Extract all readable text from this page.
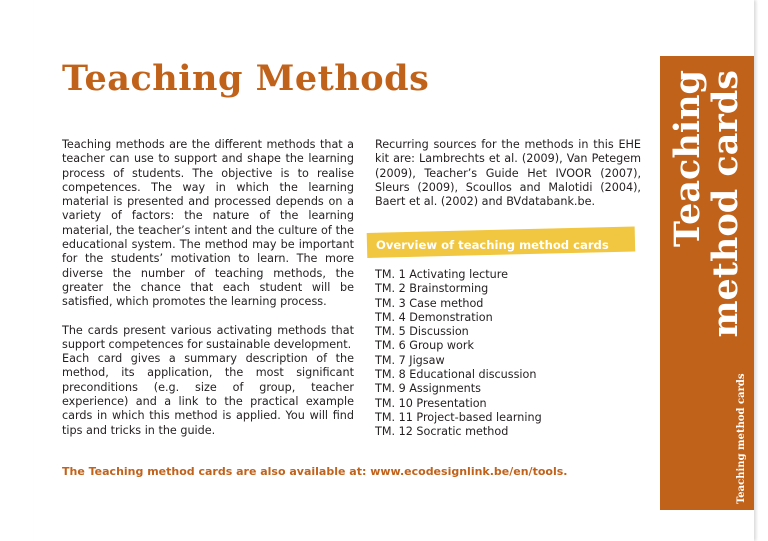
Teaching Methods

Teaching methods are the different methods that a teacher can use to support and shape the learning process of students. The objective is to realise competences. The way in which the learning material is presented and processed depends on a variety of factors: the nature of the learning material, the teacher’s intent and the culture of the educational system. The method may be important for the students’ motivation to learn. The more diverse the number of teaching methods, the greater the chance that each student will be satisfied, which promotes the learning process.

The cards present various activating methods that support competences for sustainable development.
Each card gives a summary description of the method, its application, the most significant preconditions (e.g. size of group, teacher experience) and a link to the practical example cards in which this method is applied. You will find tips and tricks in the guide.

Recurring sources for the methods in this EHE kit are: Lambrechts et al. (2009), Van Petegem (2009), Teacher’s Guide Het IVOOR (2007), Sleurs (2009), Scoullos and Malotidi (2004), Baert et al. (2002) and BVdatabank.be.

Overview of teaching method cards
TM. 1 Activating lecture
TM. 2 Brainstorming
TM. 3 Case method
TM. 4 Demonstration
TM. 5 Discussion
TM. 6 Group work
TM. 7 Jigsaw
TM. 8 Educational discussion
TM. 9 Assignments
TM. 10 Presentation
TM. 11 Project-based learning
TM. 12 Socratic method
The Teaching method cards are also available at: www.ecodesignlink.be/en/tools.
Teaching
method cards
Teaching method cards
